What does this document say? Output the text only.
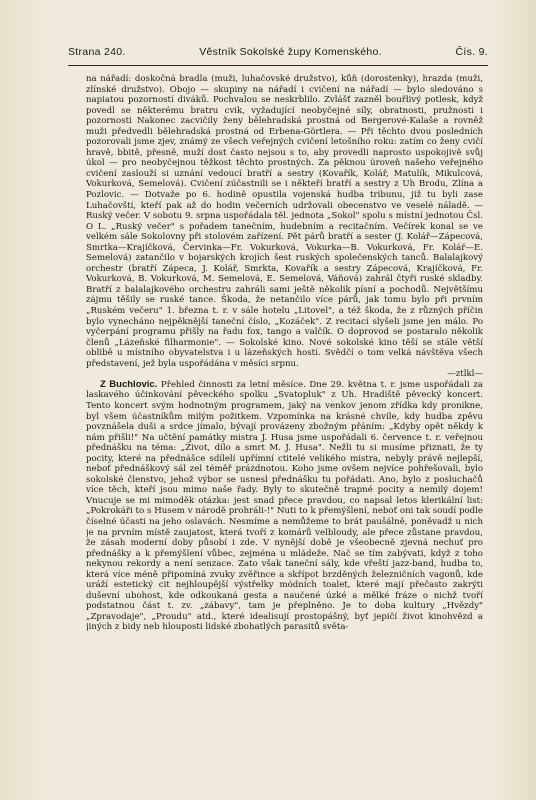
Strana 240.	Věstník Sokolské župy Komenského.	Čís. 9.

na nářadí: doskočná bradla (muži, luhačovské družstvo), kůň (dorostenky), hrazda (muži, zlínské družstvo). Obojo — skupiny na nářadí i cvičení na nářadí — bylo sledováno s napiatou pozorností diváků. Pochvalou se neskrblilo. Zvlášť zazněl bouřlivý potlesk, když povedl se některému bratru cvik, vyžadující neobyčejné síly, obratnosti, pružnosti i pozornosti Nakonec zacvičily ženy bělehradská prostná od Bergerové-Kalaše a rovněž muži předvedli bělehradská prostná od Erbena-Görtlera. — Při těchto dvou posledních pozorovali jsme zjev, známý ze všech veřejných cvičení letošního roku: zatím co ženy cvičí hravě, bbitě, přesně, muží dost často nejsou s to, aby provedli naprosto uspokojivě svůj úkol — pro neobyčejnou těžkost těchto prostných. Za pěknou úroveň našeho veřejného cvičení zaslouží si uznání vedoucí bratří a sestry (Kovařík, Kolář, Matulík, Mikulcová, Vokurková, Semelová). Cvičení zúčastnili se i někteří bratří a sestry z Uh Brodu, Zlína a Pozlovic. — Dotvaže po 6. hodině opustila vojenská hudba tribunu, již tu byli zase Luhačovští, kteří pak až do hodin večerních udržovali obecenstvo ve veselé náladě. — Ruský večer. V sobotu 9. srpna uspořádala těl. jednota „Sokol" spolu s místní jednotou Čsl. O L. „Ruský večer" s pořadem tanečním, hudebním a recitačním. Večírek konal se ve velkém sále Sokolovny při stolovém zařízení. Pět párů bratří a sester (J. Kolář—Zápecová, Smrtka—Krajíčková, Červinka—Fr. Vokurková, Vokurka—B. Vokurková, Fr. Kolář—E. Semelová) zatančilo v bojarských krojích šest ruských společenských tanců. Balalajkový orchestr (bratří Zápeca, J. Kolář, Smrkta, Kovařík a sestry Zápecová, Krajíčková, Fr. Vokurková, B. Vokurková, M. Semelová, E. Semelová, Váňová) zahrál čtyři ruské skladby. Bratří z balalajkového orchestru zahráli sami ještě několik písní a pochodů. Největšímu zájmu těšily se ruské tance. Škoda, že netančilo více párů, jak tomu bylo při prvním „Ruském večeru" 1. března t. r. v sále hotelu „Litovel", a též škoda, že z různých příčin bylo vynecháno nejpěknější taneční číslo, „Kozáček". Z recitací slyšeli jsme jen málo. Po vyčerpání programu přišly na řadu fox, tango a valčík. O doprovod se postaralo několik členů „Lázeňské filharmonie". — Sokolské kino. Nové sokolské kino těší se stále větší oblibě u místního obyvatelstva i u lázeňských hostí. Svědčí o tom velká návštěva všech představení, jež byla uspořádána v měsíci srpnu.

—ztlkl—

Z Buchlovic. Přehled činnosti za letní měsíce. Dne 29. května t. r. jsme uspořádali za laskavého účinkování pěveckého spolku „Svatopluk" z Uh. Hradiště pěvecký koncert. Tento koncert svým hodnotným programem, jaký na venkov jenom zřídka kdy proniknе, byl všem účastníkům milým požitkem. Vzpomínka na krásné chvíle, kdy hudba zpěvu povznášela duši a srdce jímalo, bývají provázeny zbožným přáním: „Kdyby opět někdy k nám přišli!" Na učtění památky mistra J. Husa jsme uspořádali 6. července t. r. veřejnou přednášku na téma: „Život, dílo a smrt M. J. Husa". Nežli tu si musíme přiznati, že ty pocity, které na přednášce sdílelí upřímní ctitelé velikého mistra, nebyly právě nejlepší, neboť přednáškový sál zel téměř prázdnotou. Koho jsme ovšem nejvíce pohřešovali, bylo sokolské členstvo, jehož výbor se usnesl přednášku tu pořádati. Ano, bylo z posluchačů více těch, kteří jsou mimo naše řady. Byly to skutečně trapné pocity a nemilý dojem! Vnucuje se mi mimoděk otázka: jest snad přece pravdou, co napsal letos klerikální list: „Pokrokáři to s Husem v národě prohráli-!" Nuti to k přemýšlení, neboť oni tak soudí podle číselné účasti na jeho oslavách. Nesmíme a nemůžeme to brát paušálně, poněvadž u nich je na prvním místě zaujatost, která tvoří z komárů velbloudy, ale přece zůstane pravdou, že zásah moderní doby působí i zde. V nynější době je všeobecně zjevná nechuť pro přednášky a k přemýšlení vůbec, zejména u mládeže. Nač se tím zabývati, když z toho nekynou rekordy a není senzace. Zato však taneční sály, kde vřeští jazz-band, hudba to, která více méně připomíná zvuky zvěřince a skřípot brzděných železničních vagonů, kde uráží estetický cit nejhloupější výstřelky módních toalet, které mají přečasto zakrýti duševní ubohost, kde odkoukaná gesta a naučené úzké a mělké fráze o nichž tvoří podstatnou část t. zv. „zábavy", tam je přeplněno. Je to doba kultury „Hvězdy" „Zpravodaje", „Proudu" atd., které idealisují prostopášný, byť jepičí život kinohvězd a jiných z bidy neb hlouposti lidské zbohatlých parasitů světa-
